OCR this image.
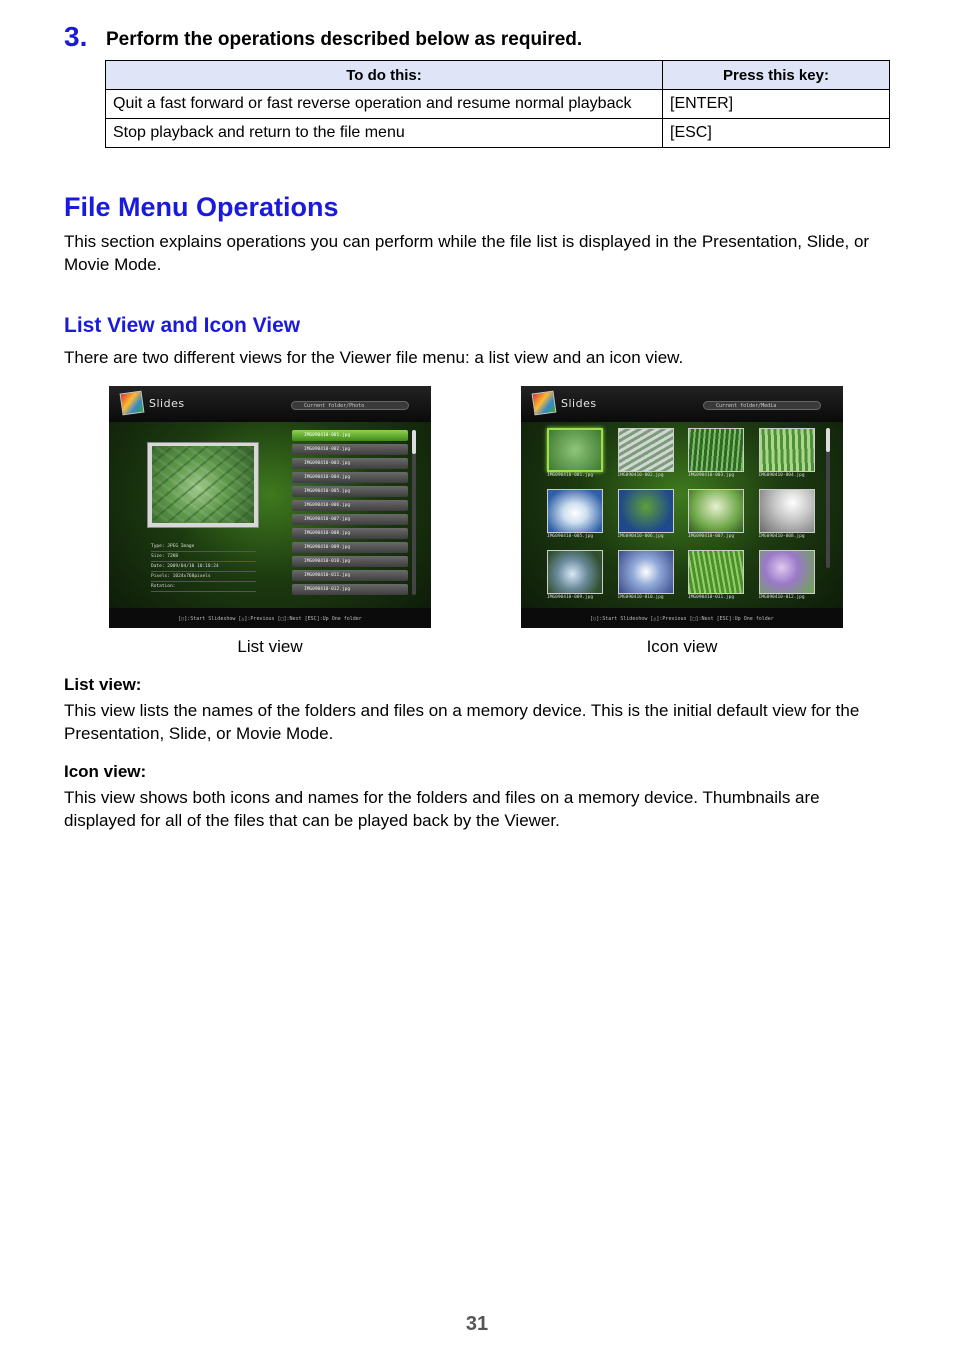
3. Perform the operations described below as required.
To do this:	Press this key:
Quit a fast forward or fast reverse operation and resume normal playback	[ENTER]
Stop playback and return to the file menu	[ESC]
File Menu Operations
This section explains operations you can perform while the file list is displayed in the Presentation, Slide, or Movie Mode.
List View and Icon View
There are two different views for the Viewer file menu: a list view and an icon view.
Slides	Current folder/Photo
Type: JPEG Image
Size: 72KB
Date: 2009/04/10 10:18:24
Pixels: 1024x768pixels
Rotation:
IMG090410-001.jpg
IMG090410-002.jpg
IMG090410-003.jpg
IMG090410-004.jpg
IMG090410-005.jpg
IMG090410-006.jpg
IMG090410-007.jpg
IMG090410-008.jpg
IMG090410-009.jpg
IMG090410-010.jpg
IMG090410-011.jpg
IMG090410-012.jpg
[○]:Start Slideshow [△]:Previous [□]:Next [ESC]:Up One folder
Slides	Current folder/Media
IMG090410-001.jpg	IMG090410-002.jpg	IMG090410-003.jpg	IMG090410-004.jpg
IMG090410-005.jpg	IMG090410-006.jpg	IMG090410-007.jpg	IMG090410-008.jpg
IMG090410-009.jpg	IMG090410-010.jpg	IMG090410-011.jpg	IMG090410-012.jpg
[○]:Start Slideshow [△]:Previous [□]:Next [ESC]:Up One folder
List view	Icon view
List view:
This view lists the names of the folders and files on a memory device. This is the initial default view for the Presentation, Slide, or Movie Mode.
Icon view:
This view shows both icons and names for the folders and files on a memory device. Thumbnails are displayed for all of the files that can be played back by the Viewer.
31
